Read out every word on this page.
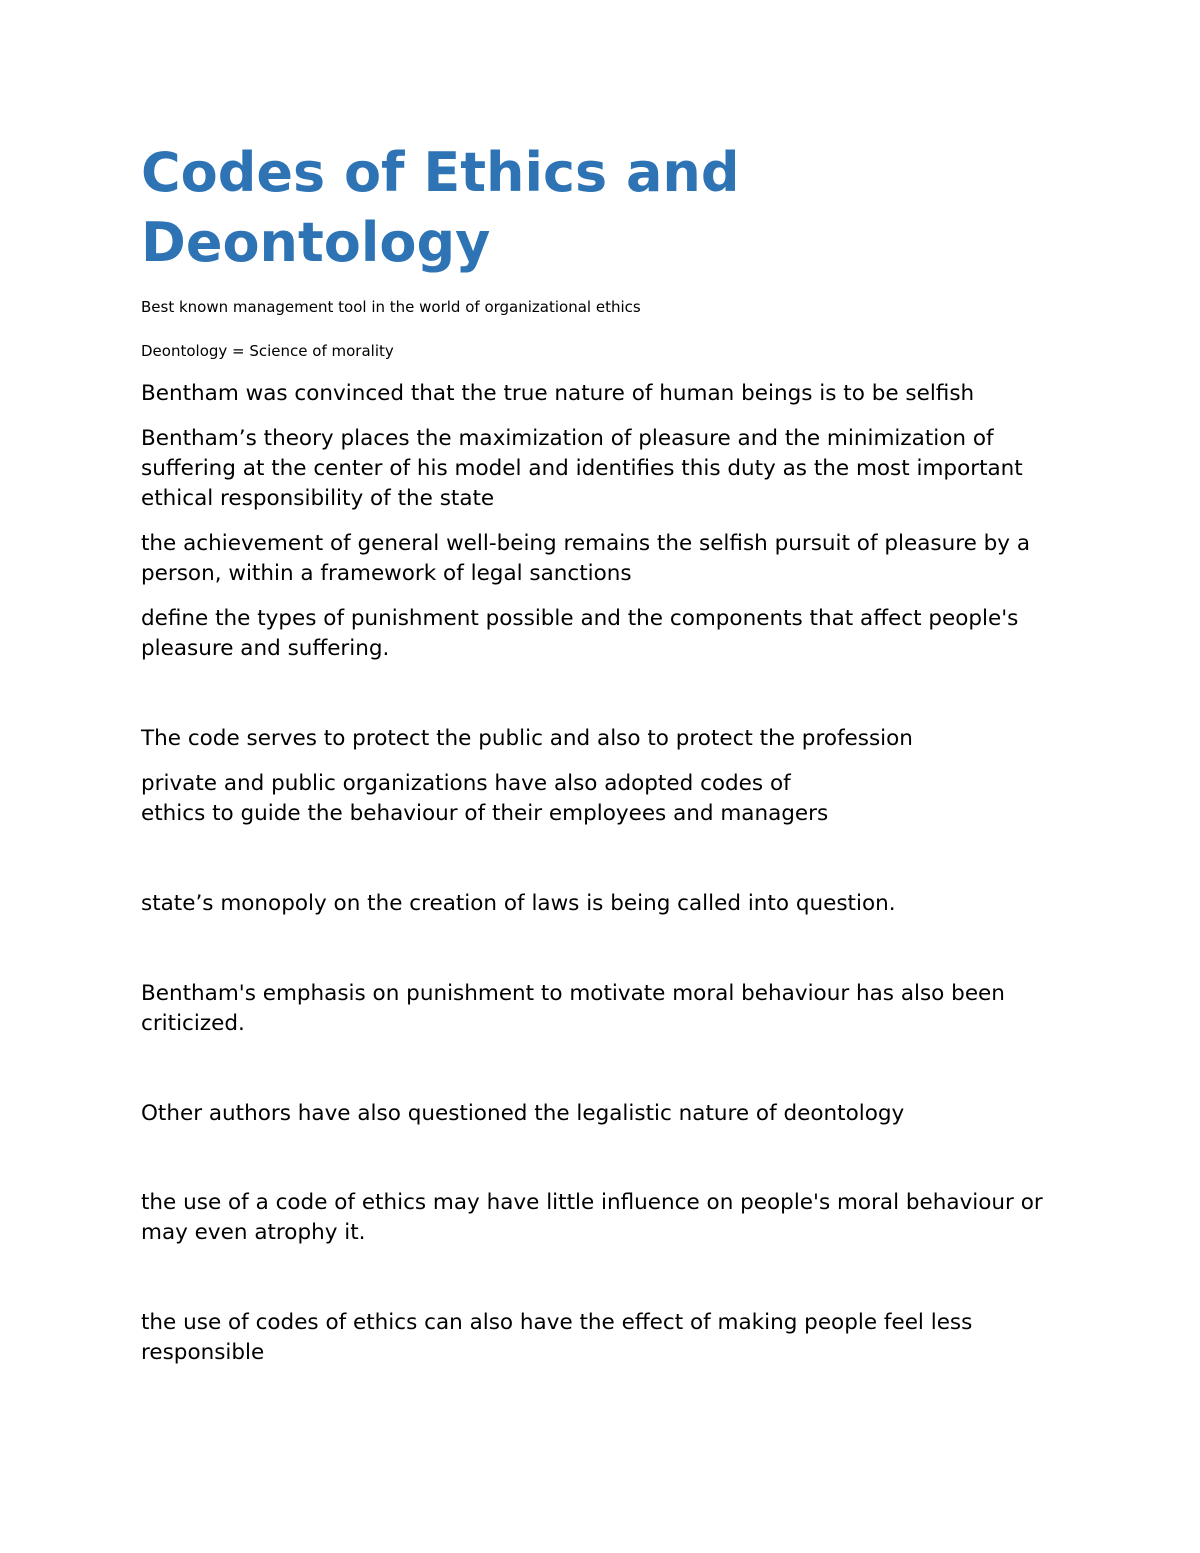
Codes of Ethics and Deontology

Best known management tool in the world of organizational ethics

Deontology = Science of morality

Bentham was convinced that the true nature of human beings is to be selfish

Bentham’s theory places the maximization of pleasure and the minimization of suffering at the center of his model and identifies this duty as the most important ethical responsibility of the state

the achievement of general well-being remains the selfish pursuit of pleasure by a person, within a framework of legal sanctions

define the types of punishment possible and the components that affect people's pleasure and suffering.

The code serves to protect the public and also to protect the profession

private and public organizations have also adopted codes of

ethics to guide the behaviour of their employees and managers

state’s monopoly on the creation of laws is being called into question.

Bentham's emphasis on punishment to motivate moral behaviour has also been criticized.

Other authors have also questioned the legalistic nature of deontology

the use of a code of ethics may have little influence on people's moral behaviour or may even atrophy it.

the use of codes of ethics can also have the effect of making people feel less responsible
